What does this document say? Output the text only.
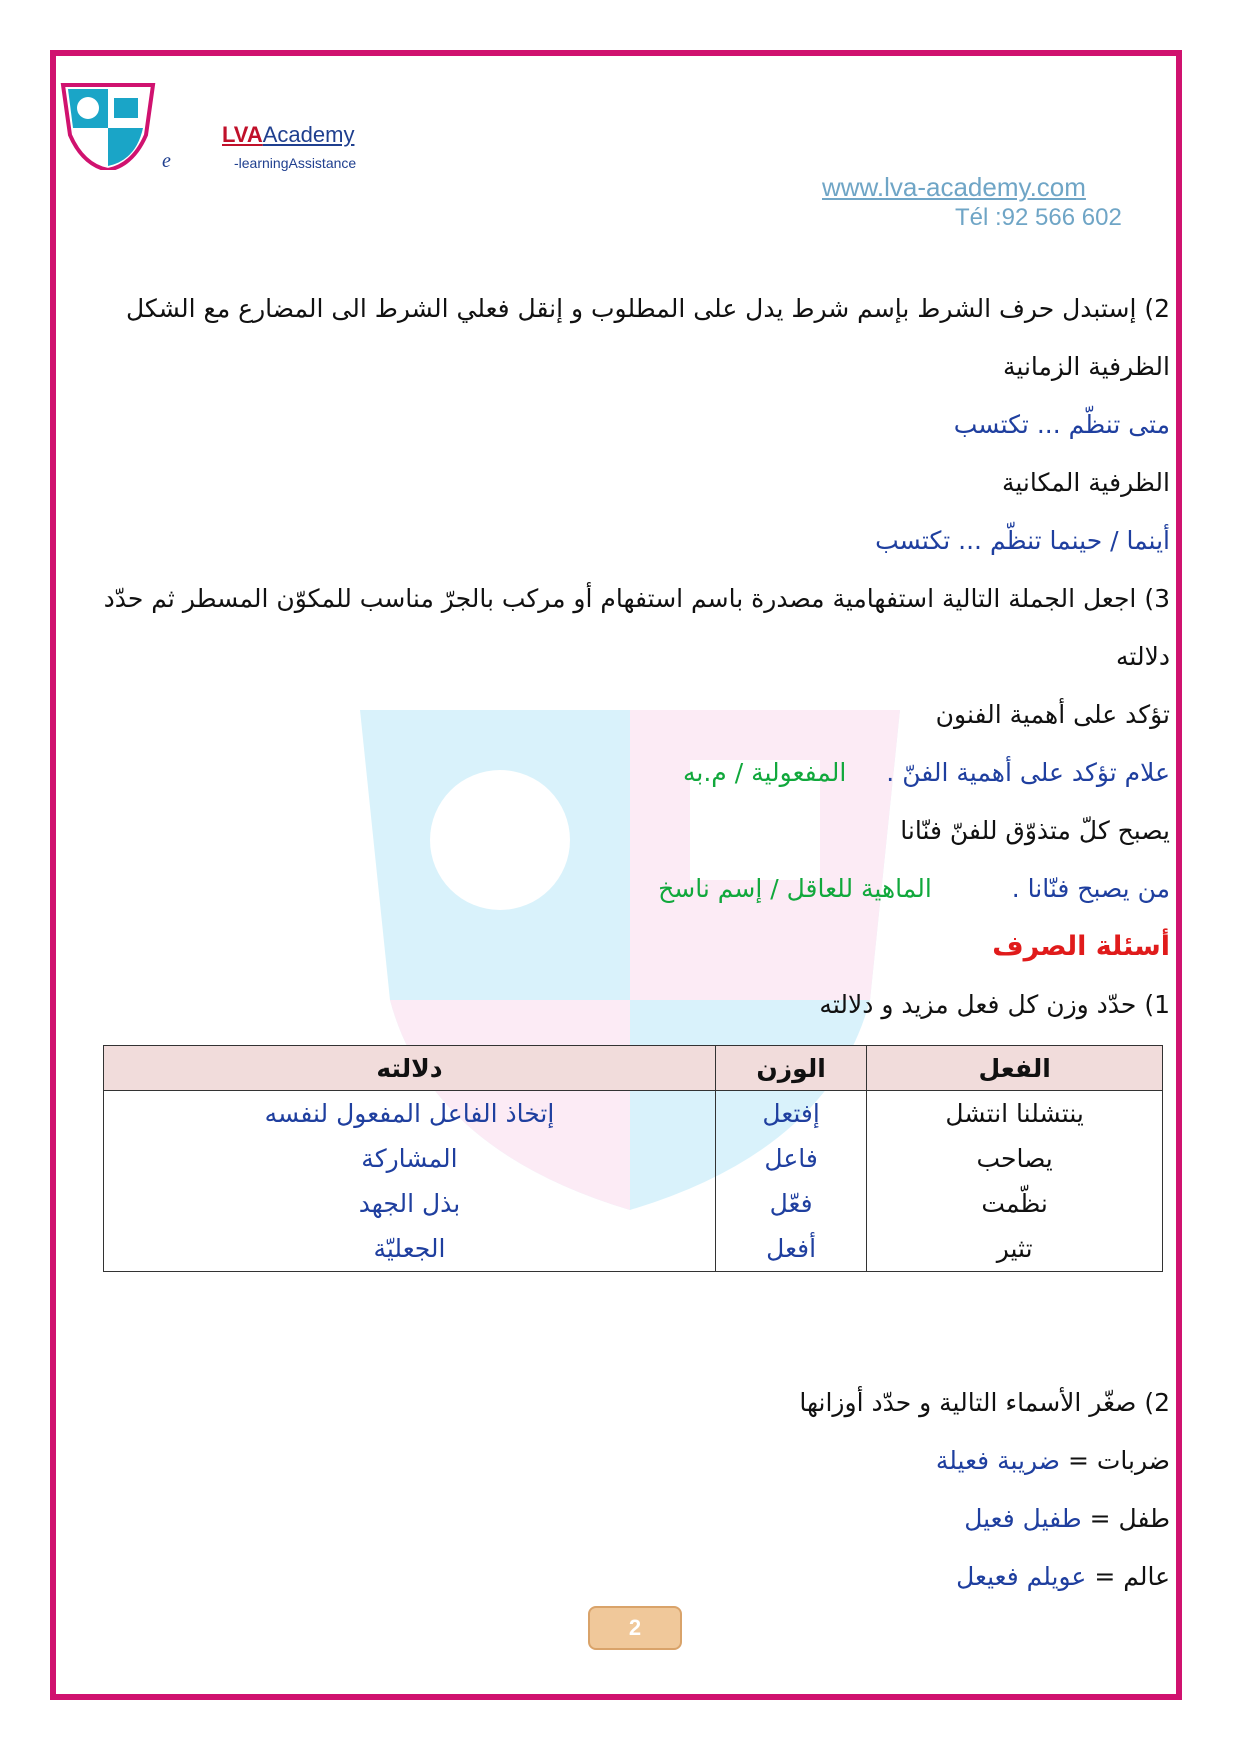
e
LVAAcademy
-learningAssistance
www.lva-academy.com
Tél :92 566 602
2) إستبدل حرف الشرط بإسم شرط يدل على المطلوب و إنقل فعلي الشرط الى المضارع مع الشكل
الظرفية الزمانية
متى تنظّم ... تكتسب
الظرفية المكانية
أينما / حينما تنظّم ... تكتسب
3) اجعل الجملة التالية استفهامية مصدرة باسم استفهام أو مركب بالجرّ مناسب للمكوّن المسطر ثم حدّد
دلالته
تؤكد على أهمية الفنون
علام تؤكد على أهمية الفنّ .المفعولية / م.به
يصبح كلّ متذوّق للفنّ فنّانا
من يصبح فنّانا .الماهية للعاقل / إسم ناسخ
أسئلة الصرف
1) حدّد وزن كل فعل مزيد و دلالته
الفعل	الوزن	دلالته
ينتشلنا انتشل	إفتعل	إتخاذ الفاعل المفعول لنفسه
يصاحب	فاعل	المشاركة
نظّمت	فعّل	بذل الجهد
تثير	أفعل	الجعليّة
2) صغّر الأسماء التالية و حدّد أوزانها
ضربات = ضريبة فعيلة
طفل = طفيل فعيل
عالم = عويلم فعيعل
2
